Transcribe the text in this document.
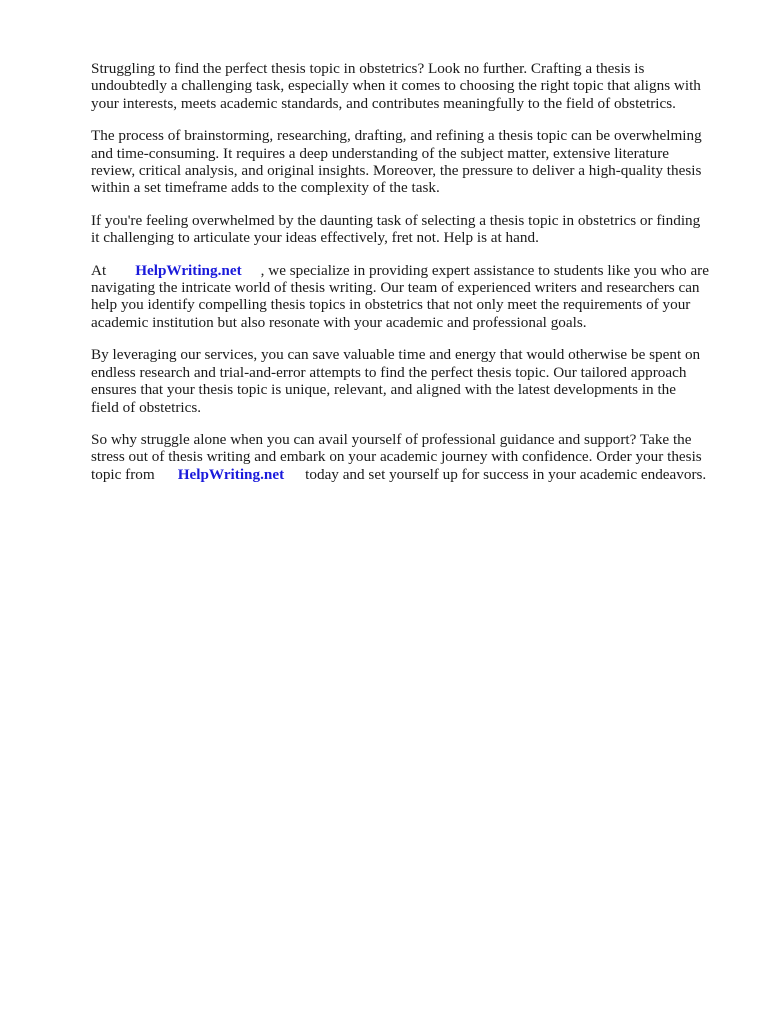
Struggling to find the perfect thesis topic in obstetrics? Look no further. Crafting a thesis is
undoubtedly a challenging task, especially when it comes to choosing the right topic that aligns with
your interests, meets academic standards, and contributes meaningfully to the field of obstetrics.

The process of brainstorming, researching, drafting, and refining a thesis topic can be overwhelming
and time-consuming. It requires a deep understanding of the subject matter, extensive literature
review, critical analysis, and original insights. Moreover, the pressure to deliver a high-quality thesis
within a set timeframe adds to the complexity of the task.

If you're feeling overwhelmed by the daunting task of selecting a thesis topic in obstetrics or finding
it challenging to articulate your ideas effectively, fret not. Help is at hand.

At HelpWriting.net , we specialize in providing expert assistance to students like you who are
navigating the intricate world of thesis writing. Our team of experienced writers and researchers can
help you identify compelling thesis topics in obstetrics that not only meet the requirements of your
academic institution but also resonate with your academic and professional goals.

By leveraging our services, you can save valuable time and energy that would otherwise be spent on
endless research and trial-and-error attempts to find the perfect thesis topic. Our tailored approach
ensures that your thesis topic is unique, relevant, and aligned with the latest developments in the
field of obstetrics.

So why struggle alone when you can avail yourself of professional guidance and support? Take the
stress out of thesis writing and embark on your academic journey with confidence. Order your thesis
topic from HelpWriting.net today and set yourself up for success in your academic endeavors.
